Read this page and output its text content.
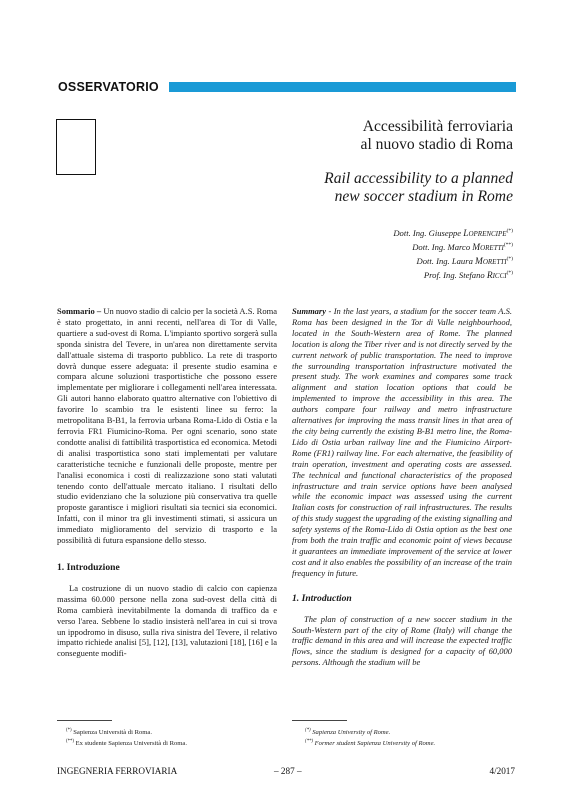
OSSERVATORIO

Accessibilità ferroviaria
al nuovo stadio di Roma

Rail accessibility to a planned
new soccer stadium in Rome

Dott. Ing. Giuseppe Loprencipe(*)
Dott. Ing. Marco Moretti(**)
Dott. Ing. Laura Moretti(*)
Prof. Ing. Stefano Ricci(*)

Sommario – Un nuovo stadio di calcio per la società A.S. Roma è stato progettato, in anni recenti, nell'area di Tor di Valle, quartiere a sud-ovest di Roma. L'impianto sportivo sorgerà sulla sponda sinistra del Tevere, in un'area non direttamente servita dall'attuale sistema di trasporto pubblico. La rete di trasporto dovrà dunque essere adeguata: il presente studio esamina e compara alcune soluzioni trasportistiche che possono essere implementate per migliorare i collegamenti nell'area interessata. Gli autori hanno elaborato quattro alternative con l'obiettivo di favorire lo scambio tra le esistenti linee su ferro: la metropolitana B-B1, la ferrovia urbana Roma-Lido di Ostia e la ferrovia FR1 Fiumicino-Roma. Per ogni scenario, sono state condotte analisi di fattibilità trasportistica ed economica. Metodi di analisi trasportistica sono stati implementati per valutare caratteristiche tecniche e funzionali delle proposte, mentre per l'analisi economica i costi di realizzazione sono stati valutati tenendo conto dell'attuale mercato italiano. I risultati dello studio evidenziano che la soluzione più conservativa tra quelle proposte garantisce i migliori risultati sia tecnici sia economici. Infatti, con il minor tra gli investimenti stimati, si assicura un immediato miglioramento del servizio di trasporto e la possibilità di futura espansione dello stesso.

1. Introduzione

La costruzione di un nuovo stadio di calcio con capienza massima 60.000 persone nella zona sud-ovest della città di Roma cambierà inevitabilmente la domanda di traffico da e verso l'area. Sebbene lo stadio insisterà nell'area in cui si trova un ippodromo in disuso, sulla riva sinistra del Tevere, il relativo impatto richiede analisi [5], [12], [13], valutazioni [18], [16] e la conseguente modifi-

Summary - In the last years, a stadium for the soccer team A.S. Roma has been designed in the Tor di Valle neighbourhood, located in the South-Western area of Rome. The planned location is along the Tiber river and is not directly served by the current network of public transportation. The need to improve the surrounding transportation infrastructure motivated the present study. The work examines and compares some track alignment and station location options that could be implemented to improve the accessibility in this area. The authors compare four railway and metro infrastructure alternatives for improving the mass transit lines in that area of the city being currently the existing B-B1 metro line, the Roma-Lido di Ostia urban railway line and the Fiumicino Airport-Rome (FR1) railway line. For each alternative, the feasibility of train operation, investment and operating costs are assessed. The technical and functional characteristics of the proposed infrastructure and train service options have been analysed while the economic impact was assessed using the current Italian costs for construction of rail infrastructures. The results of this study suggest the upgrading of the existing signalling and safety systems of the Roma-Lido di Ostia option as the best one from both the train traffic and economic point of views because it guarantees an immediate improvement of the service at lower cost and it also enables the possibility of an increase of the train frequency in future.

1. Introduction

The plan of construction of a new soccer stadium in the South-Western part of the city of Rome (Italy) will change the traffic demand in this area and will increase the expected traffic flows, since the stadium is designed for a capacity of 60,000 persons. Although the stadium will be

(*) Sapienza Università di Roma.
(**) Ex studente Sapienza Università di Roma.
(*) Sapienza University of Rome.
(**) Former student Sapienza University of Rome.
INGEGNERIA FERROVIARIA	– 287 –	4/2017
